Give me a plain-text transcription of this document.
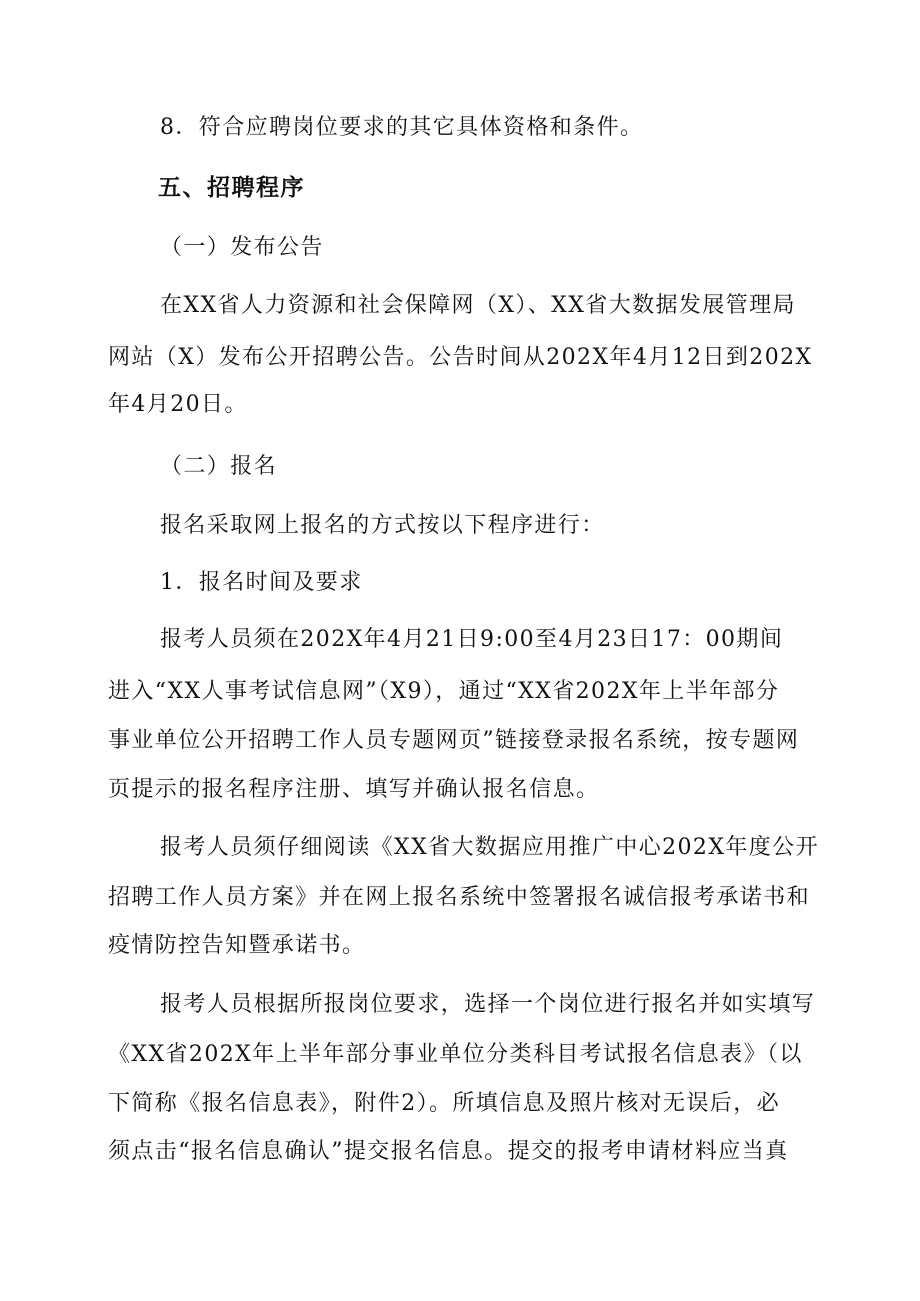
8．符合应聘岗位要求的其它具体资格和条件。

五、招聘程序

（一）发布公告

在XX省人力资源和社会保障网（X）、XX省大数据发展管理局

网站（X）发布公开招聘公告。公告时间从202X年4月12日到202X

年4月20日。

（二）报名

报名采取网上报名的方式按以下程序进行：

1．报名时间及要求

报考人员须在202X年4月21日9:00至4月23日17：00期间

进入“XX人事考试信息网”（X9），通过“XX省202X年上半年部分

事业单位公开招聘工作人员专题网页”链接登录报名系统，按专题网

页提示的报名程序注册、填写并确认报名信息。

报考人员须仔细阅读《XX省大数据应用推广中心202X年度公开

招聘工作人员方案》并在网上报名系统中签署报名诚信报考承诺书和

疫情防控告知暨承诺书。

报考人员根据所报岗位要求，选择一个岗位进行报名并如实填写

《XX省202X年上半年部分事业单位分类科目考试报名信息表》（以

下简称《报名信息表》，附件2）。所填信息及照片核对无误后，必

须点击“报名信息确认”提交报名信息。提交的报考申请材料应当真
